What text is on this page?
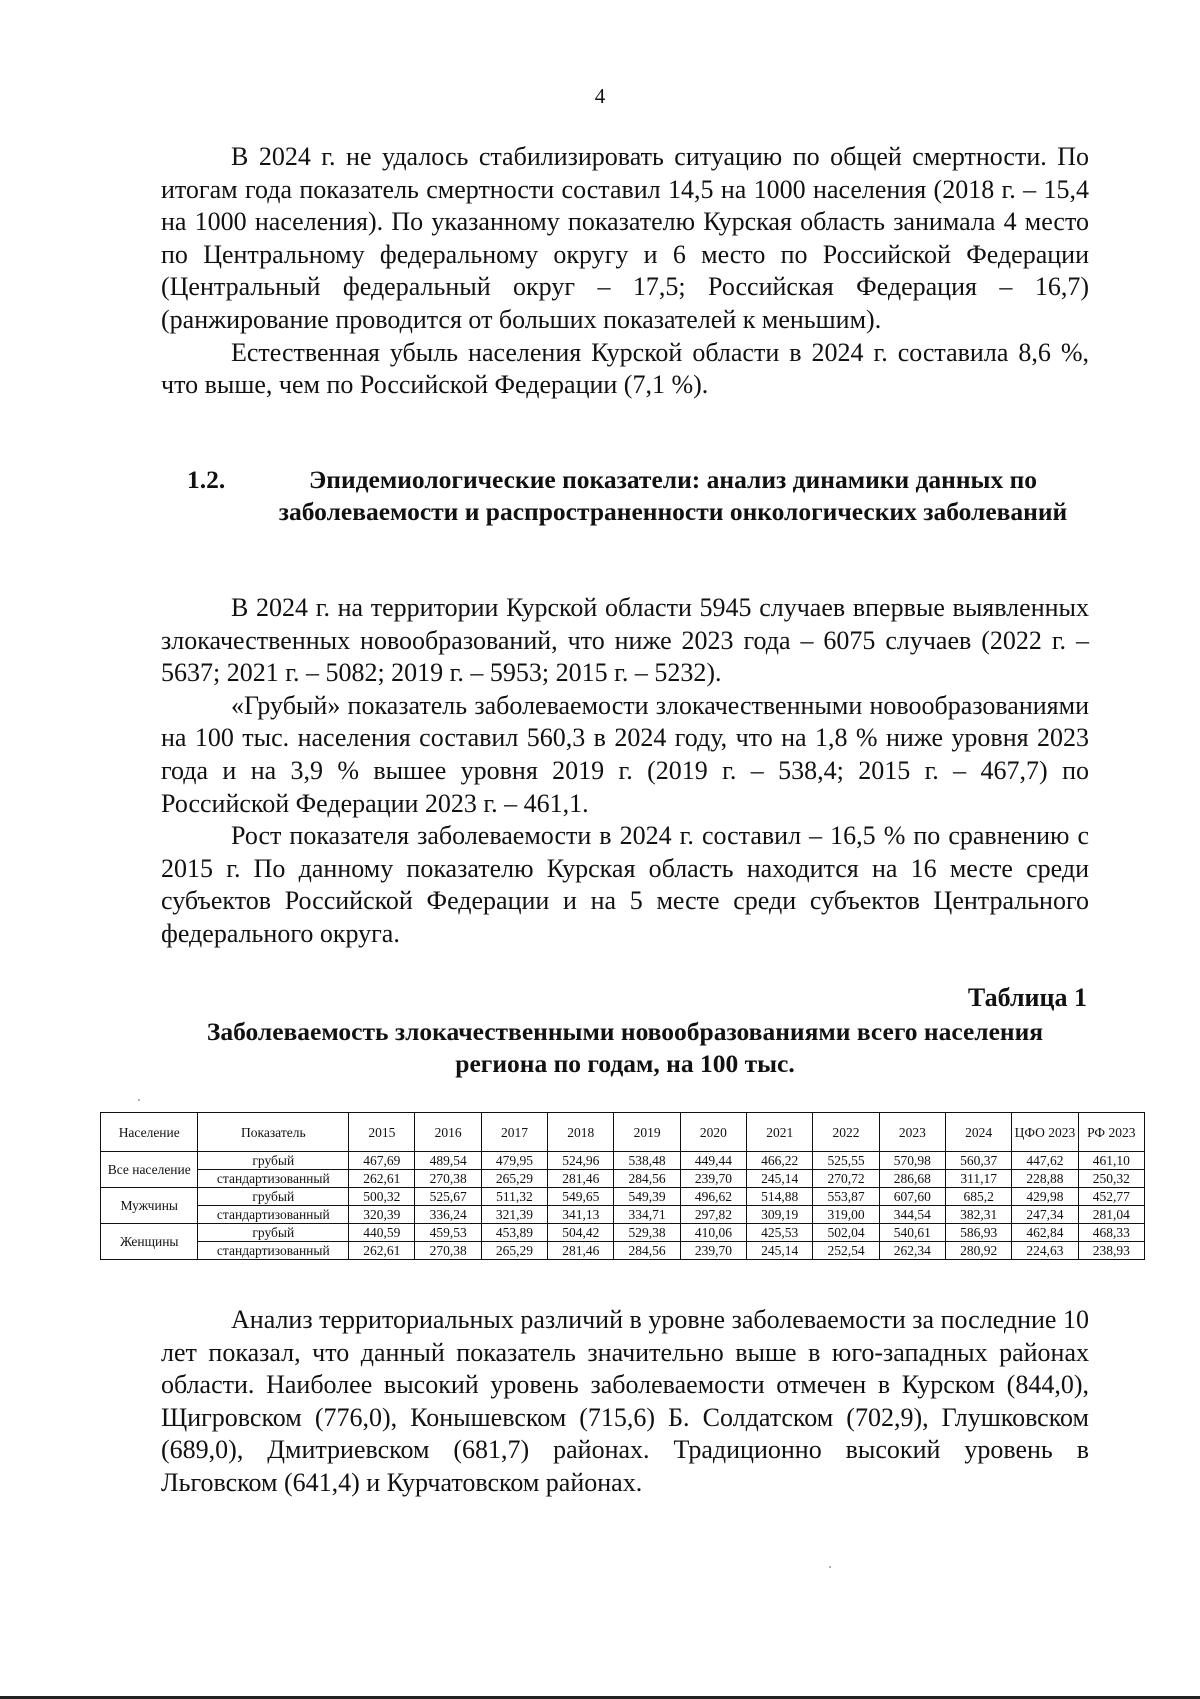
4

В 2024 г. не удалось стабилизировать ситуацию по общей смертности. По итогам года показатель смертности составил 14,5 на 1000 населения (2018 г. – 15,4 на 1000 населения). По указанному показателю Курская область занимала 4 место по Центральному федеральному округу и 6 место по Российской Федерации (Центральный федеральный округ – 17,5; Российская Федерация – 16,7) (ранжирование проводится от больших показателей к меньшим).

Естественная убыль населения Курской области в 2024 г. составила 8,6 %, что выше, чем по Российской Федерации (7,1 %).

1.2.	Эпидемиологические показатели: анализ динамики данных по заболеваемости и распространенности онкологических заболеваний

В 2024 г. на территории Курской области 5945 случаев впервые выявленных злокачественных новообразований, что ниже 2023 года – 6075 случаев (2022 г. – 5637; 2021 г. – 5082; 2019 г. – 5953; 2015 г. – 5232).

«Грубый» показатель заболеваемости злокачественными новообразованиями на 100 тыс. населения составил 560,3 в 2024 году, что на 1,8 % ниже уровня 2023 года и на 3,9 % вышее уровня 2019 г. (2019 г. – 538,4; 2015 г. – 467,7) по Российской Федерации 2023 г. – 461,1.

Рост показателя заболеваемости в 2024 г. составил – 16,5 % по сравнению с 2015 г. По данному показателю Курская область находится на 16 месте среди субъектов Российской Федерации и на 5 месте среди субъектов Центрального федерального округа.

Таблица 1
Заболеваемость злокачественными новообразованиями всего населения региона по годам, на 100 тыс.
Население	Показатель	2015	2016	2017	2018	2019	2020	2021	2022	2023	2024	ЦФО 2023	РФ 2023
Все население	грубый	467,69	489,54	479,95	524,96	538,48	449,44	466,22	525,55	570,98	560,37	447,62	461,10
	стандартизованный	262,61	270,38	265,29	281,46	284,56	239,70	245,14	270,72	286,68	311,17	228,88	250,32
Мужчины	грубый	500,32	525,67	511,32	549,65	549,39	496,62	514,88	553,87	607,60	685,2	429,98	452,77
	стандартизованный	320,39	336,24	321,39	341,13	334,71	297,82	309,19	319,00	344,54	382,31	247,34	281,04
Женщины	грубый	440,59	459,53	453,89	504,42	529,38	410,06	425,53	502,04	540,61	586,93	462,84	468,33
	стандартизованный	262,61	270,38	265,29	281,46	284,56	239,70	245,14	252,54	262,34	280,92	224,63	238,93

Анализ территориальных различий в уровне заболеваемости за последние 10 лет показал, что данный показатель значительно выше в юго-западных районах области. Наиболее высокий уровень заболеваемости отмечен в Курском (844,0), Щигровском (776,0), Конышевском (715,6) Б. Солдатском (702,9), Глушковском (689,0), Дмитриевском (681,7) районах. Традиционно высокий уровень в Льговском (641,4) и Курчатовском районах.
